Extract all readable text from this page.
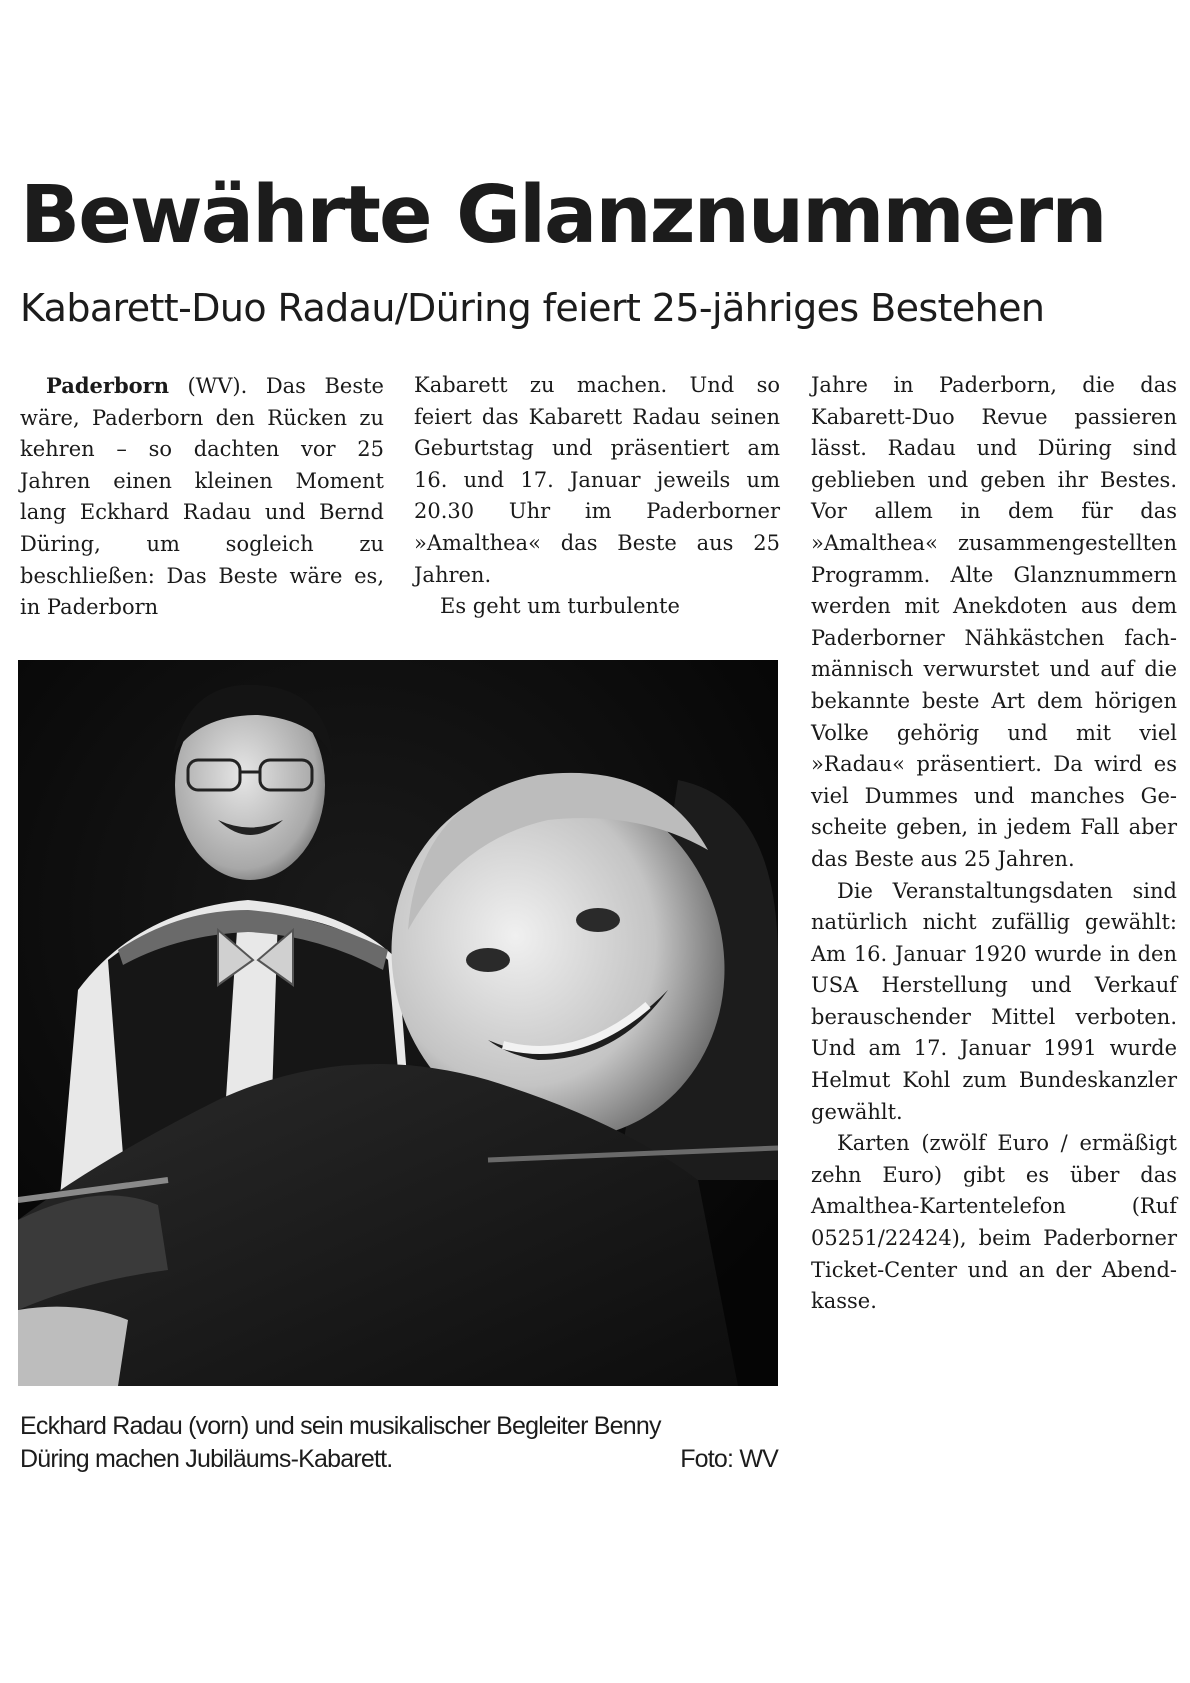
Bewährte Glanznummern
Kabarett-Duo Radau/Düring feiert 25-jähriges Bestehen

Paderborn (WV). Das Beste wäre, Paderborn den Rücken zu kehren – so dachten vor 25 Jahren einen kleinen Moment lang Eckhard Radau und Bernd Düring, um sogleich zu beschließen: Das Beste wäre es, in Paderborn

Kabarett zu machen. Und so feiert das Kabarett Radau seinen Geburtstag und präsentiert am 16. und 17. Januar jeweils um 20.30 Uhr im Paderborner »Amalthea« das Beste aus 25 Jahren.

Es geht um turbulente

Jahre in Paderborn, die das Kabarett-Duo Revue passieren lässt. Radau und Düring sind geblieben und geben ihr Bestes. Vor allem in dem für das »Amalthea« zusammengestellten Programm. Alte Glanznummern werden mit Anekdoten aus dem Paderborner Nähkästchen fachmännisch verwurstet und auf die bekannte beste Art dem hörigen Volke gehörig und mit viel »Radau« präsentiert. Da wird es viel Dummes und manches Gescheite geben, in jedem Fall aber das Beste aus 25 Jahren.

Die Veranstaltungsdaten sind natürlich nicht zufällig gewählt: Am 16. Januar 1920 wurde in den USA Herstellung und Verkauf berauschender Mittel verboten. Und am 17. Januar 1991 wurde Helmut Kohl zum Bundeskanzler gewählt.

Karten (zwölf Euro / ermäßigt zehn Euro) gibt es über das Amalthea-Kartentelefon (Ruf 05251/22424), beim Paderborner Ticket-Center und an der Abendkasse.

Eckhard Radau (vorn) und sein musikalischer Begleiter Benny
Düring machen Jubiläums-Kabarett.	Foto: WV
